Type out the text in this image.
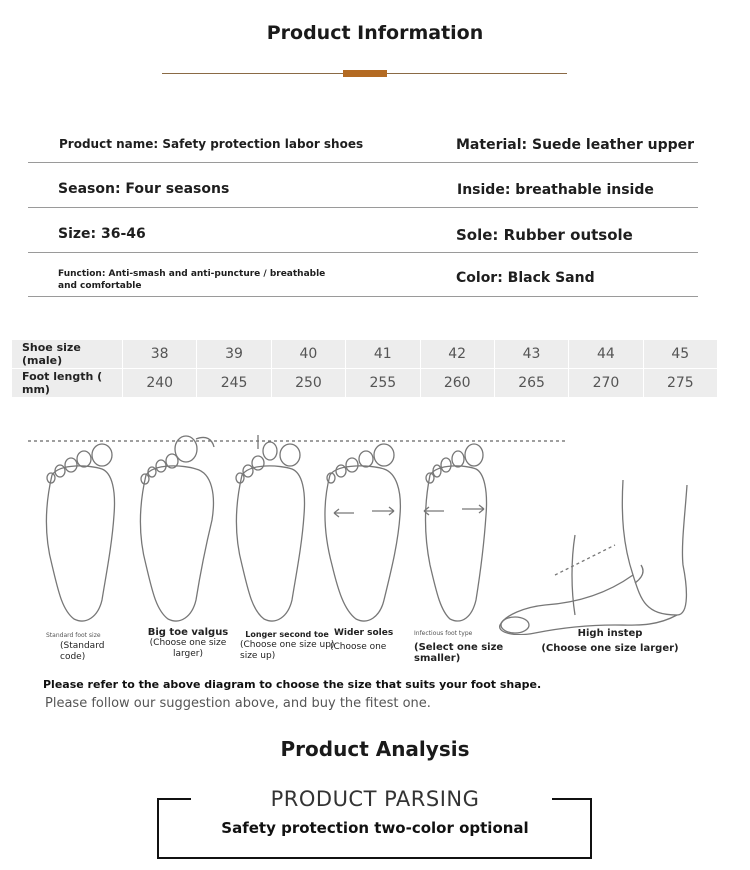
Product Information
Product name: Safety protection labor shoes	Material: Suede leather upper
Season: Four seasons	Inside: breathable inside
Size: 36-46	Sole: Rubber outsole
Function: Anti-smash and anti-puncture / breathable
and comfortable	Color: Black Sand
Shoe size (male)	38	39	40	41	42	43	44	45

Foot length (
mm)	240	245	250	255	260	265	270	275
Standard foot size
(Standard
code)
Big toe valgus
(Choose one size
larger)
Longer second toe
(Choose one size up)
size up)
Wider soles
(Choose one
Infectious foot type
(Select one size
smaller)
High instep
(Choose one size larger)
Please refer to the above diagram to choose the size that suits your foot shape.
Please follow our suggestion above, and buy the fitest one.
Product Analysis
PRODUCT PARSING
Safety protection two-color optional
